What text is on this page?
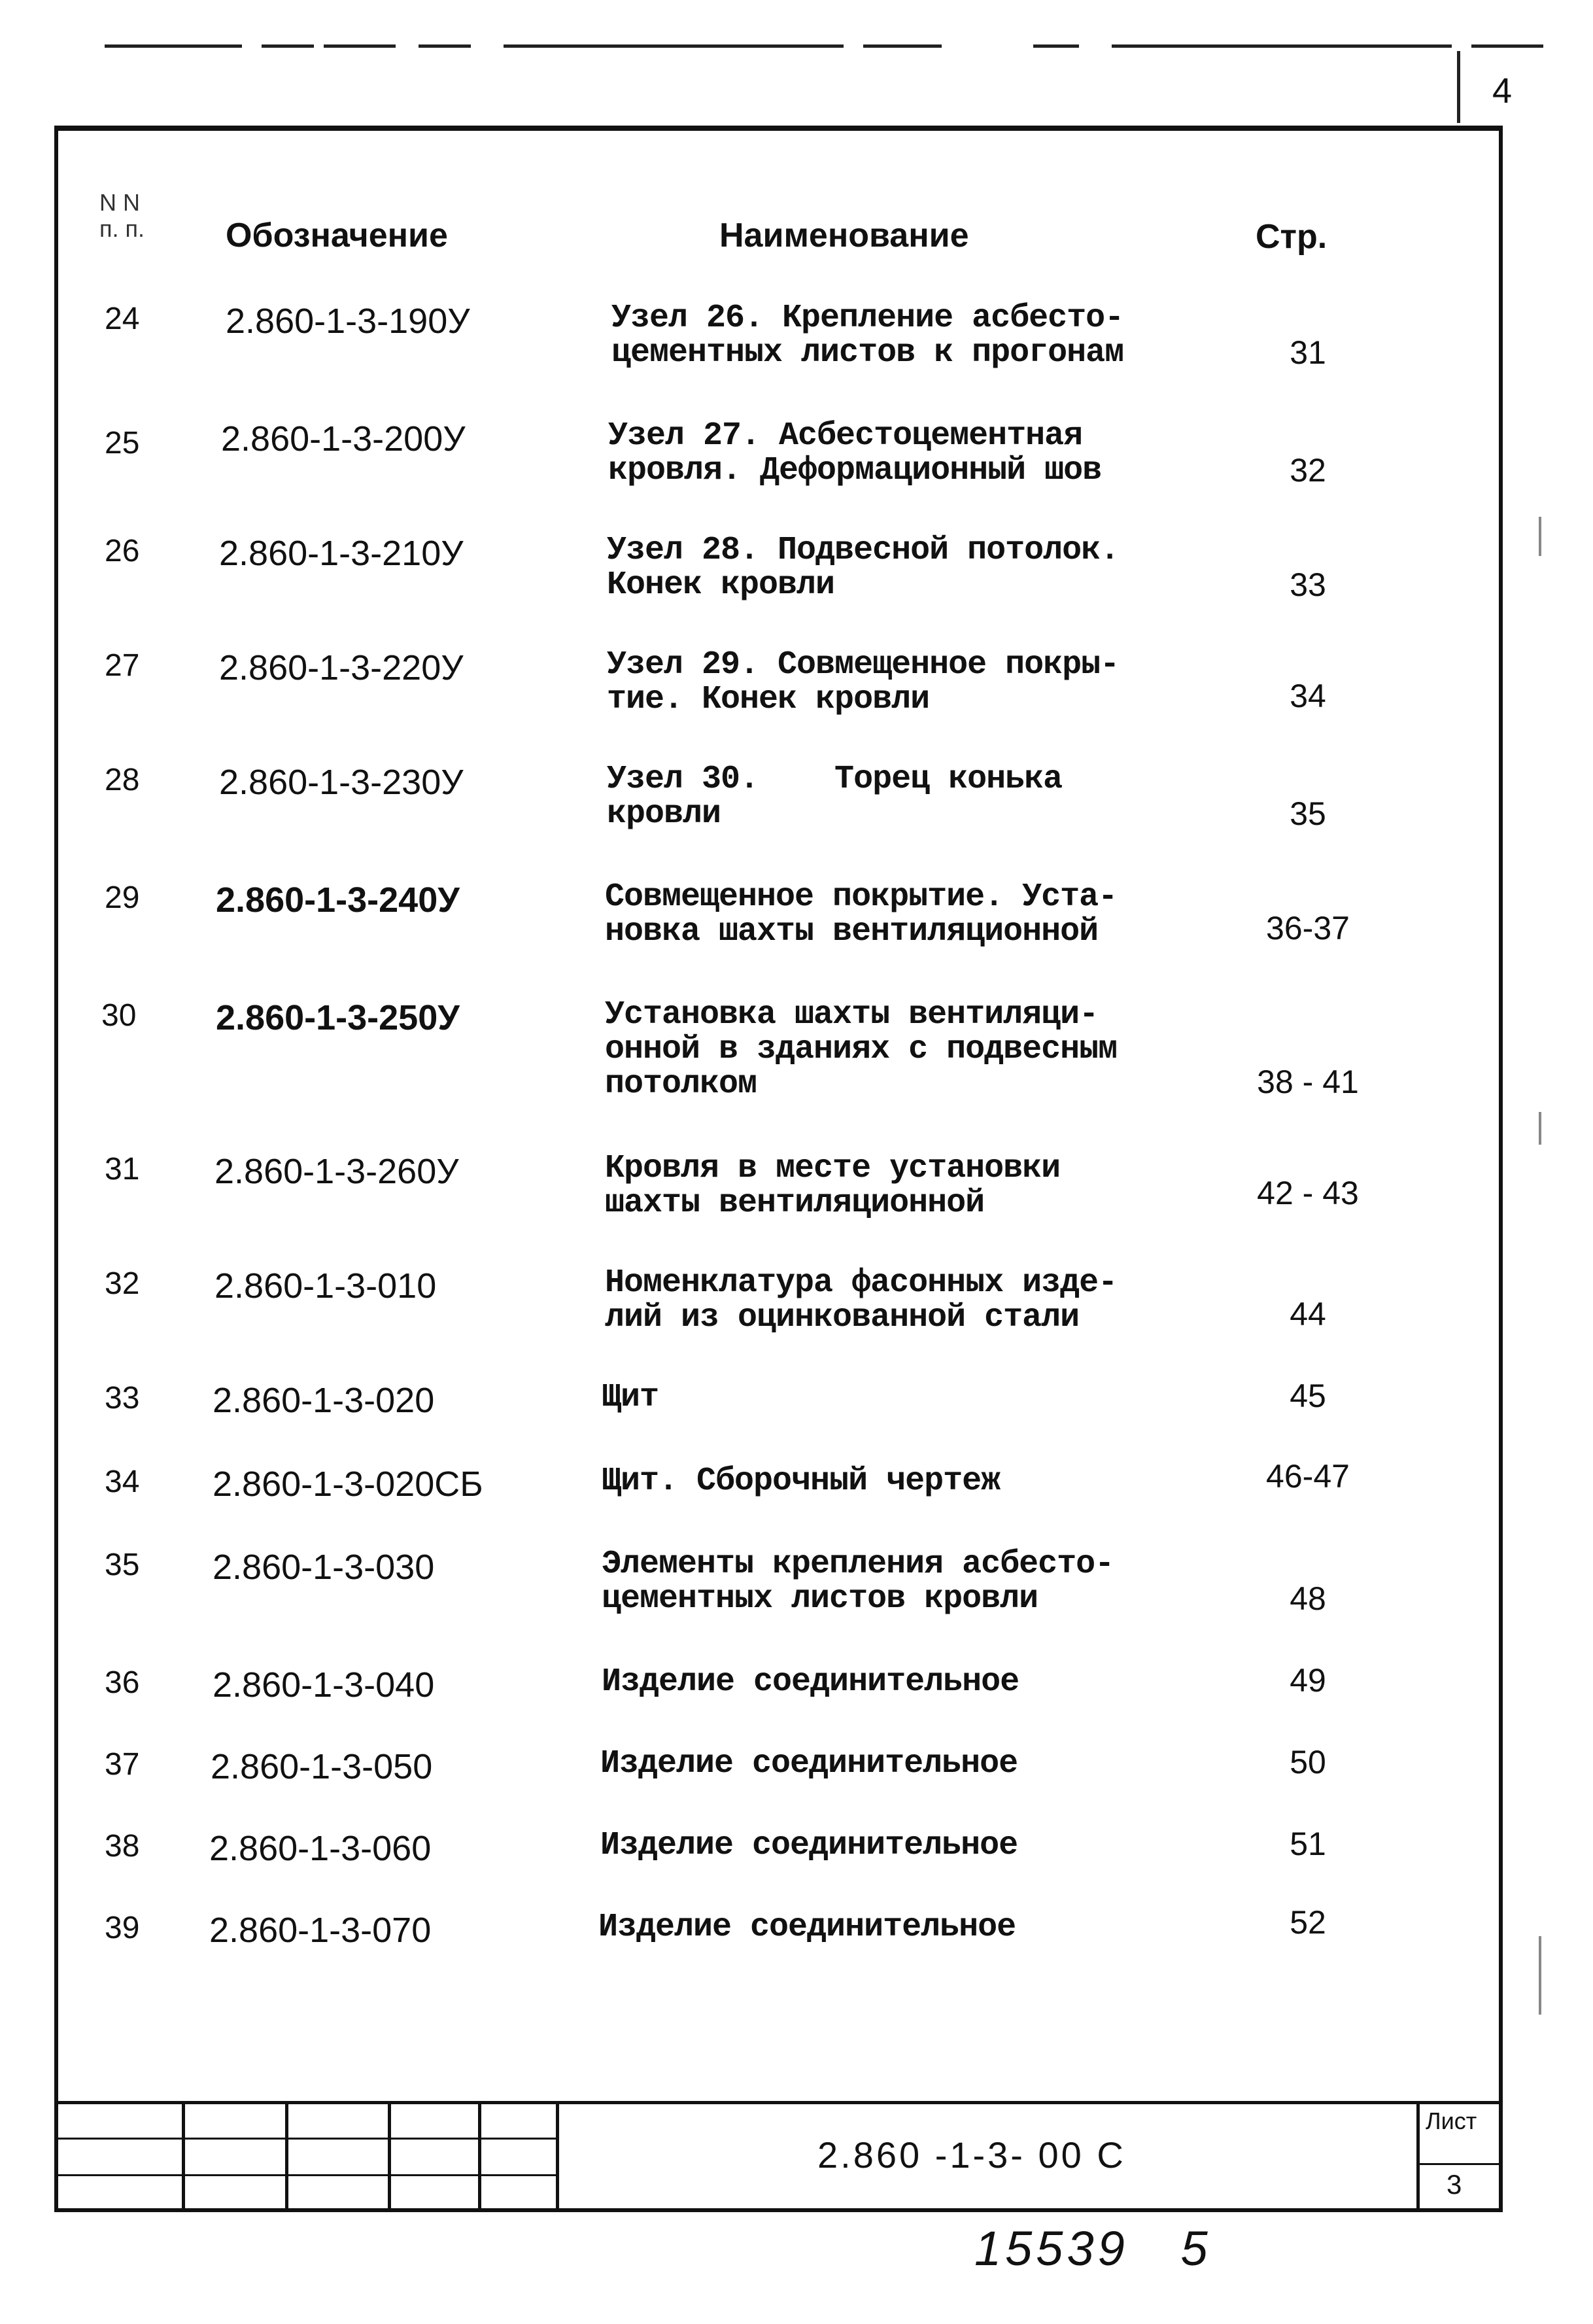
4
N N
п. п. Обозначение	Наименование	Стр.
24 2.860-1-3-190У	Узел 26. Крепление асбесто-
цементных листов к прогонам	31
25 2.860-1-3-200У	Узел 27. Асбестоцементная
кровля. Деформационный шов	32
26 2.860-1-3-210У	Узел 28. Подвесной потолок.
Конек кровли	33
27 2.860-1-3-220У	Узел 29. Совмещенное покры-
тие. Конек кровли	34
28 2.860-1-3-230У	Узел 30.    Торец конька
кровли	35
29 2.860-1-3-240У	Совмещенное покрытие. Уста-
новка шахты вентиляционной	36-37
30 2.860-1-3-250У	Установка шахты вентиляци-
онной в зданиях с подвесным
потолком	38 - 41
31 2.860-1-3-260У	Кровля в месте установки
шахты вентиляционной	42 - 43
32 2.860-1-3-010	Номенклатура фасонных изде-
лий из оцинкованной стали	44
33 2.860-1-3-020	Щит	45
34 2.860-1-3-020СБ	Щит. Сборочный чертеж	46-47
35 2.860-1-3-030	Элементы крепления асбесто-
цементных листов кровли	48
36 2.860-1-3-040	Изделие соединительное	49
37 2.860-1-3-050	Изделие соединительное	50
38 2.860-1-3-060	Изделие соединительное	51
39 2.860-1-3-070	Изделие соединительное	52
2.860 -1-3- 00 С
Лист
3
15539   5
